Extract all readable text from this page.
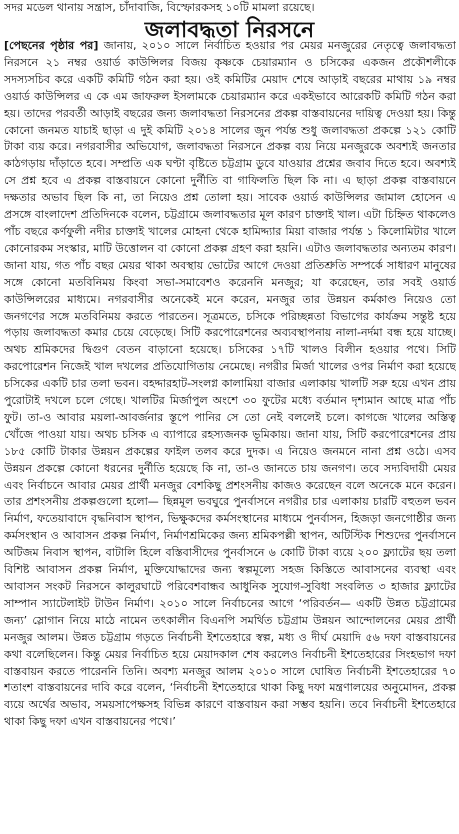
সদর মডেল থানায় সন্ত্রাস, চাঁদাবাজি, বিস্ফোরকসহ ১০টি মামলা রয়েছে।
জলাবদ্ধতা নিরসনে
[পেছনের পৃষ্ঠার পর] জানায়, ২০১০ সালে নির্বাচিত হওয়ার পর মেয়র মনজুরের নেতৃত্বে জলাবদ্ধতা নিরসনে ২১ নম্বর ওয়ার্ড কাউন্সিলর বিজয় কৃষ্ণকে চেয়ারম্যান ও চসিকের একজন প্রকৌশলীকে সদস্যসচিব করে একটি কমিটি গঠন করা হয়। ওই কমিটির মেয়াদ শেষে আড়াই বছরের মাথায় ১৯ নম্বর ওয়ার্ড কাউন্সিলর এ কে এম জাফরুল ইসলামকে চেয়ারম্যান করে একইভাবে আরেকটি কমিটি গঠন করা হয়। তাদের পরবর্তী আড়াই বছরের জন্য জলাবদ্ধতা নিরসনের প্রকল্প বাস্তবায়নের দায়িত্ব দেওয়া হয়। কিন্তু কোনো জনমত যাচাই ছাড়া এ দুই কমিটি ২০১৪ সালের জুন পর্যন্ত শুধু জলাবদ্ধতা প্রকল্পে ১২১ কোটি টাকা ব্যয় করে। নগরবাসীর অভিযোগ, জলাবদ্ধতা নিরসনে প্রকল্প ব্যয় নিয়ে মনজুরকে অবশ্যই জনতার কাঠগড়ায় দাঁড়াতে হবে। সম্প্রতি এক ঘণ্টা বৃষ্টিতে চট্টগ্রাম ডুবে যাওয়ার প্রশ্নের জবাব দিতে হবে। অবশ্যই সে প্রশ্ন হবে এ প্রকল্প বাস্তবায়নে কোনো দুর্নীতি বা গাফিলতি ছিল কি না। এ ছাড়া প্রকল্প বাস্তবায়নে দক্ষতার অভাব ছিল কি না, তা নিয়েও প্রশ্ন তোলা হয়। সাবেক ওয়ার্ড কাউন্সিলর জামাল হোসেন এ প্রসঙ্গে বাংলাদেশ প্রতিদিনকে বলেন, চট্টগ্রামে জলাবদ্ধতার মূল কারণ চাক্তাই খাল। এটা চিহ্নিত থাকলেও পাঁচ বছরে কর্ণফুলী নদীর চাক্তাই খালের মোহনা থেকে হামিদ্দ্যার মিয়া বাজার পর্যন্ত ১ কিলোমিটার খালে কোনোরকম সংস্কার, মাটি উত্তোলন বা কোনো প্রকল্প গ্রহণ করা হয়নি। এটাও জলাবদ্ধতার অন্যতম কারণ। জানা যায়, গত পাঁচ বছর মেয়র থাকা অবস্থায় ভোটের আগে দেওয়া প্রতিশ্রুতি সম্পর্কে সাধারণ মানুষের সঙ্গে কোনো মতবিনিময় কিংবা সভা-সমাবেশও করেননি মনজুর; যা করেছেন, তার সবই ওয়ার্ড কাউন্সিলরের মাধ্যমে। নগরবাসীর অনেকেই মনে করেন, মনজুর তার উন্নয়ন কর্মকাণ্ড নিয়েও তো জনগণের সঙ্গে মতবিনিময় করতে পারতেন। সূত্রমতে, চসিকে পরিচ্ছন্নতা বিভাগের কার্যক্রম সন্তুষ্ট হয়ে পড়ায় জলাবদ্ধতা কমার চেয়ে বেড়েছে। সিটি করপোরেশনের অব্যবস্থাপনায় নালা-নর্দমা বন্ধ হয়ে যাচ্ছে। অথচ শ্রমিকদের দ্বিগুণ বেতন বাড়ানো হয়েছে। চসিকের ১৭টি খালও বিলীন হওয়ার পথে। সিটি করপোরেশন নিজেই খাল দখলের প্রতিযোগিতায় নেমেছে। নগরীর মির্জা খালের ওপর নির্মাণ করা হয়েছে চসিকের একটি চার তলা ভবন। বহদ্দারহাট-সংলগ্ন কালামিয়া বাজার এলাকায় খালটি সরু হয়ে এখন প্রায় পুরোটাই দখলে চলে গেছে। খালটির মির্জাপুল অংশে ৩০ ফুটের মধ্যে বর্তমান দৃশ্যমান আছে মাত্র পাঁচ ফুট। তা-ও আবার ময়লা-আবর্জনার স্তূপে পানির সে তো নেই বললেই চলে। কাগজে খালের অস্তিত্ব খোঁজে পাওয়া যায়। অথচ চসিক এ ব্যাপারে রহস্যজনক ভূমিকায়। জানা যায়, সিটি করপোরেশনের প্রায় ১৮৫ কোটি টাকার উন্নয়ন প্রকল্পের ফাইল তলব করে দুদক। এ নিয়েও জনমনে নানা প্রশ্ন ওঠে। এসব উন্নয়ন প্রকল্পে কোনো ধরনের দুর্নীতি হয়েছে কি না, তা-ও জানতে চায় জনগণ। তবে সদ্যবিদায়ী মেয়র এবং নির্বাচনে আবার মেয়র প্রার্থী মনজুর বেশকিছু প্রশংসনীয় কাজও করেছেন বলে অনেকে মনে করেন। তার প্রশংসনীয় প্রকল্পগুলো হলো— ছিন্নমূল ভবঘুরে পুনর্বাসনে নগরীর চার এলাকায় চারটি বহুতল ভবন নির্মাণ, ফতেয়াবাদে বৃদ্ধনিবাস স্থাপন, ভিক্ষুকদের কর্মসংস্থানের মাধ্যমে পুনর্বাসন, হিজড়া জনগোষ্ঠীর জন্য কর্মসংস্থান ও আবাসন প্রকল্প নির্মাণ, নির্মাণশ্রমিকের জন্য শ্রমিকপল্লী স্থাপন, অটিস্টিক শিশুদের পুনর্বাসনে অটিজম নিবাস স্থাপন, বাটালি হিলে বস্তিবাসীদের পুনর্বাসনে ৬ কোটি টাকা ব্যয়ে ২০০ ফ্ল্যাটের ছয় তলা বিশিষ্ট আবাসন প্রকল্প নির্মাণ, মুক্তিযোদ্ধাদের জন্য স্বল্পমূল্যে সহজ কিস্তিতে আবাসনের ব্যবস্থা এবং আবাসন সংকট নিরসনে কালুরঘাটে পরিবেশবান্ধব আধুনিক সুযোগ-সুবিধা সংবলিত ৩ হাজার ফ্ল্যাটের সাম্পান স্যাটেলাইট টাউন নির্মাণ। ২০১০ সালে নির্বাচনের আগে ‘পরিবর্তন— একটি উন্নত চট্টগ্রামের জন্য’ স্লোগান নিয়ে মাঠে নামেন তৎকালীন বিএনপি সমর্থিত চট্টগ্রাম উন্নয়ন আন্দোলনের মেয়র প্রার্থী মনজুর আলম। উন্নত চট্টগ্রাম গড়তে নির্বাচনী ইশতেহারে স্বল্প, মধ্য ও দীর্ঘ মেয়াদি ৫৬ দফা বাস্তবায়নের কথা বলেছিলেন। কিন্তু মেয়র নির্বাচিত হয়ে মেয়াদকাল শেষ করলেও নির্বাচনী ইশতেহারের সিংহভাগ দফা বাস্তবায়ন করতে পারেননি তিনি। অবশ্য মনজুর আলম ২০১০ সালে ঘোষিত নির্বাচনী ইশতেহারের ৭০ শতাংশ বাস্তবায়নের দাবি করে বলেন, ‘নির্বাচনী ইশতেহারে থাকা কিছু দফা মন্ত্রণালয়ের অনুমোদন, প্রকল্প ব্যয়ে অর্থের অভাব, সময়সাপেক্ষসহ বিভিন্ন কারণে বাস্তবায়ন করা সম্ভব হয়নি। তবে নির্বাচনী ইশতেহারে থাকা কিছু দফা এখন বাস্তবায়নের পথে।’
